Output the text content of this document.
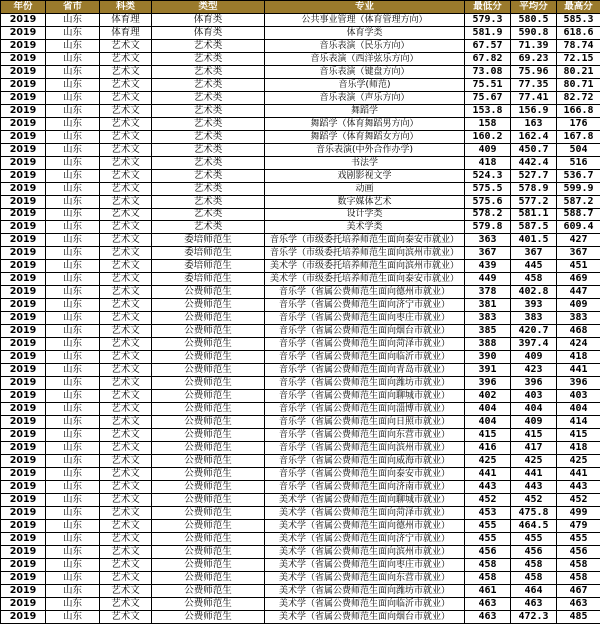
年份	省市	科类	类型	专业	最低分	平均分	最高分
2019	山东	体育理	体育类	公共事业管理（体育管理方向）	579.3	580.5	585.3
2019	山东	体育理	体育类	体育学类	581.9	590.8	618.6
2019	山东	艺术文	艺术类	音乐表演（民乐方向）	67.57	71.39	78.74
2019	山东	艺术文	艺术类	音乐表演（西洋弦乐方向）	67.82	69.23	72.15
2019	山东	艺术文	艺术类	音乐表演（键盘方向）	73.08	75.96	80.21
2019	山东	艺术文	艺术类	音乐学(师范)	75.51	77.35	80.71
2019	山东	艺术文	艺术类	音乐表演（声乐方向）	75.67	77.41	82.72
2019	山东	艺术文	艺术类	舞蹈学	153.8	156.9	166.8
2019	山东	艺术文	艺术类	舞蹈学（体育舞蹈男方向）	158	163	176
2019	山东	艺术文	艺术类	舞蹈学（体育舞蹈女方向）	160.2	162.4	167.8
2019	山东	艺术文	艺术类	音乐表演(中外合作办学)	409	450.7	504
2019	山东	艺术文	艺术类	书法学	418	442.4	516
2019	山东	艺术文	艺术类	戏剧影视文学	524.3	527.7	536.7
2019	山东	艺术文	艺术类	动画	575.5	578.9	599.9
2019	山东	艺术文	艺术类	数字媒体艺术	575.6	577.2	587.2
2019	山东	艺术文	艺术类	设计学类	578.2	581.1	588.7
2019	山东	艺术文	艺术类	美术学类	579.8	587.5	609.4
2019	山东	艺术文	委培师范生	音乐学（市级委托培养师范生面向泰安市就业）	363	401.5	427
2019	山东	艺术文	委培师范生	音乐学（市级委托培养师范生面向滨州市就业）	367	367	367
2019	山东	艺术文	委培师范生	美术学（市级委托培养师范生面向滨州市就业）	439	445	451
2019	山东	艺术文	委培师范生	美术学（市级委托培养师范生面向泰安市就业）	449	458	469
2019	山东	艺术文	公费师范生	音乐学（省属公费师范生面向德州市就业）	378	402.8	447
2019	山东	艺术文	公费师范生	音乐学（省属公费师范生面向济宁市就业）	381	393	409
2019	山东	艺术文	公费师范生	音乐学（省属公费师范生面向枣庄市就业）	383	383	383
2019	山东	艺术文	公费师范生	音乐学（省属公费师范生面向烟台市就业）	385	420.7	468
2019	山东	艺术文	公费师范生	音乐学（省属公费师范生面向菏泽市就业）	388	397.4	424
2019	山东	艺术文	公费师范生	音乐学（省属公费师范生面向临沂市就业）	390	409	418
2019	山东	艺术文	公费师范生	音乐学（省属公费师范生面向青岛市就业）	391	423	441
2019	山东	艺术文	公费师范生	音乐学（省属公费师范生面向潍坊市就业）	396	396	396
2019	山东	艺术文	公费师范生	音乐学（省属公费师范生面向聊城市就业）	402	403	403
2019	山东	艺术文	公费师范生	音乐学（省属公费师范生面向淄博市就业）	404	404	404
2019	山东	艺术文	公费师范生	音乐学（省属公费师范生面向日照市就业）	404	409	414
2019	山东	艺术文	公费师范生	音乐学（省属公费师范生面向东营市就业）	415	415	415
2019	山东	艺术文	公费师范生	音乐学（省属公费师范生面向滨州市就业）	416	417	418
2019	山东	艺术文	公费师范生	音乐学（省属公费师范生面向威海市就业）	425	425	425
2019	山东	艺术文	公费师范生	音乐学（省属公费师范生面向泰安市就业）	441	441	441
2019	山东	艺术文	公费师范生	音乐学（省属公费师范生面向济南市就业）	443	443	443
2019	山东	艺术文	公费师范生	美术学（省属公费师范生面向聊城市就业）	452	452	452
2019	山东	艺术文	公费师范生	美术学（省属公费师范生面向菏泽市就业）	453	475.8	499
2019	山东	艺术文	公费师范生	美术学（省属公费师范生面向德州市就业）	455	464.5	479
2019	山东	艺术文	公费师范生	美术学（省属公费师范生面向济宁市就业）	455	455	455
2019	山东	艺术文	公费师范生	美术学（省属公费师范生面向滨州市就业）	456	456	456
2019	山东	艺术文	公费师范生	美术学（省属公费师范生面向枣庄市就业）	458	458	458
2019	山东	艺术文	公费师范生	美术学（省属公费师范生面向东营市就业）	458	458	458
2019	山东	艺术文	公费师范生	美术学（省属公费师范生面向潍坊市就业）	461	464	467
2019	山东	艺术文	公费师范生	美术学（省属公费师范生面向临沂市就业）	463	463	463
2019	山东	艺术文	公费师范生	美术学（省属公费师范生面向烟台市就业）	463	472.3	485
